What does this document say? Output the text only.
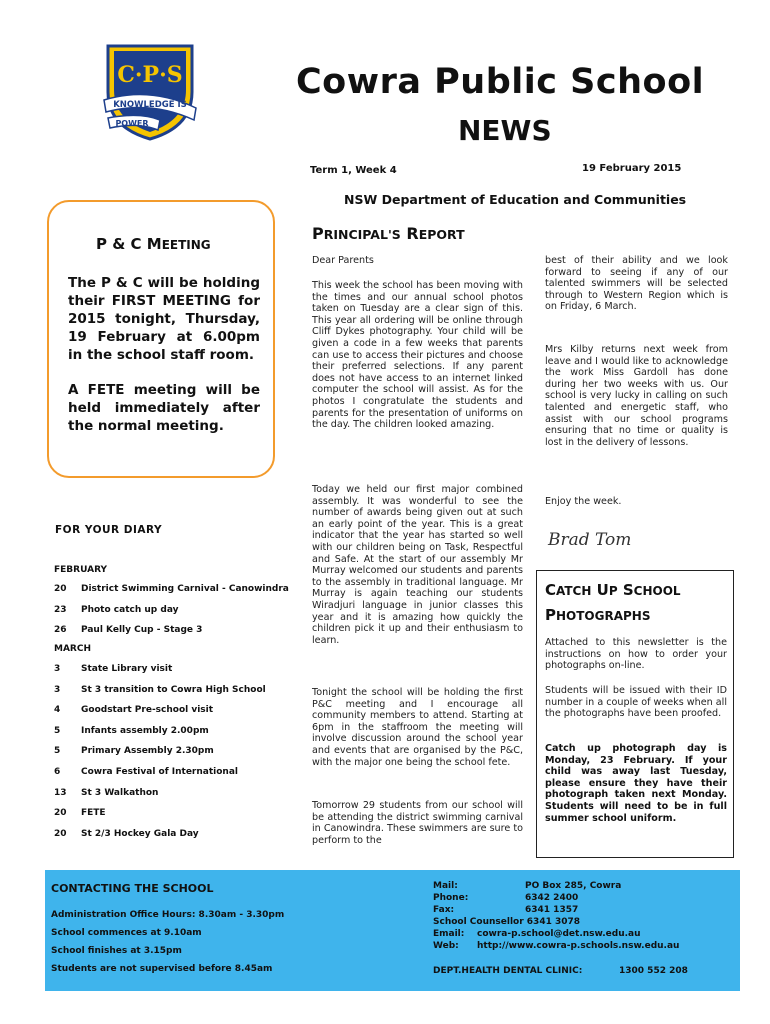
C·P·S
KNOWLEDGE IS
POWER
Cowra Public School
NEWS
Term 1, Week 4	19 February 2015
NSW Department of Education and Communities
P & C MEETING
The P & C will be holding their FIRST MEETING for 2015 tonight, Thursday, 19 February at 6.00pm in the school staff room.
A FETE meeting will be held immediately after the normal meeting.
FOR YOUR DIARY
FEBRUARY
20	District Swimming Carnival - Canowindra
23	Photo catch up day
26	Paul Kelly Cup - Stage 3
MARCH
3	State Library visit
3	St 3 transition to Cowra High School
4	Goodstart Pre-school visit
5	Infants assembly 2.00pm
5	Primary Assembly 2.30pm
6	Cowra Festival of International
13	St 3 Walkathon
20	FETE
20	St 2/3 Hockey Gala Day
PRINCIPAL'S REPORT
Dear Parents
This week the school has been moving with the times and our annual school photos taken on Tuesday are a clear sign of this. This year all ordering will be online through Cliff Dykes photography. Your child will be given a code in a few weeks that parents can use to access their pictures and choose their preferred selections. If any parent does not have access to an internet linked computer the school will assist. As for the photos I congratulate the students and parents for the presentation of uniforms on the day. The children looked amazing.
Today we held our first major combined assembly. It was wonderful to see the number of awards being given out at such an early point of the year. This is a great indicator that the year has started so well with our children being on Task, Respectful and Safe. At the start of our assembly Mr Murray welcomed our students and parents to the assembly in traditional language. Mr Murray is again teaching our students Wiradjuri language in junior classes this year and it is amazing how quickly the children pick it up and their enthusiasm to learn.
Tonight the school will be holding the first P&C meeting and I encourage all community members to attend. Starting at 6pm in the staffroom the meeting will involve discussion around the school year and events that are organised by the P&C, with the major one being the school fete.
Tomorrow 29 students from our school will be attending the district swimming carnival in Canowindra. These swimmers are sure to perform to the
best of their ability and we look forward to seeing if any of our talented swimmers will be selected through to Western Region which is on Friday, 6 March.
Mrs Kilby returns next week from leave and I would like to acknowledge the work Miss Gardoll has done during her two weeks with us. Our school is very lucky in calling on such talented and energetic staff, who assist with our school programs ensuring that no time or quality is lost in the delivery of lessons.
Enjoy the week.
Brad Tom
CATCH UP SCHOOL
PHOTOGRAPHS
Attached to this newsletter is the instructions on how to order your photographs on-line.
Students will be issued with their ID number in a couple of weeks when all the photographs have been proofed.
Catch up photograph day is Monday, 23 February. If your child was away last Tuesday, please ensure they have their photograph taken next Monday. Students will need to be in full summer school uniform.
CONTACTING THE SCHOOL
Administration Office Hours: 8.30am - 3.30pm
School commences at 9.10am
School finishes at 3.15pm
Students are not supervised before 8.45am
Mail:	PO Box 285, Cowra
Phone:	6342 2400
Fax:	6341 1357
School Counsellor 6341 3078
Email: cowra-p.school@det.nsw.edu.au
Web: http://www.cowra-p.schools.nsw.edu.au
DEPT.HEALTH DENTAL CLINIC:	1300 552 208
